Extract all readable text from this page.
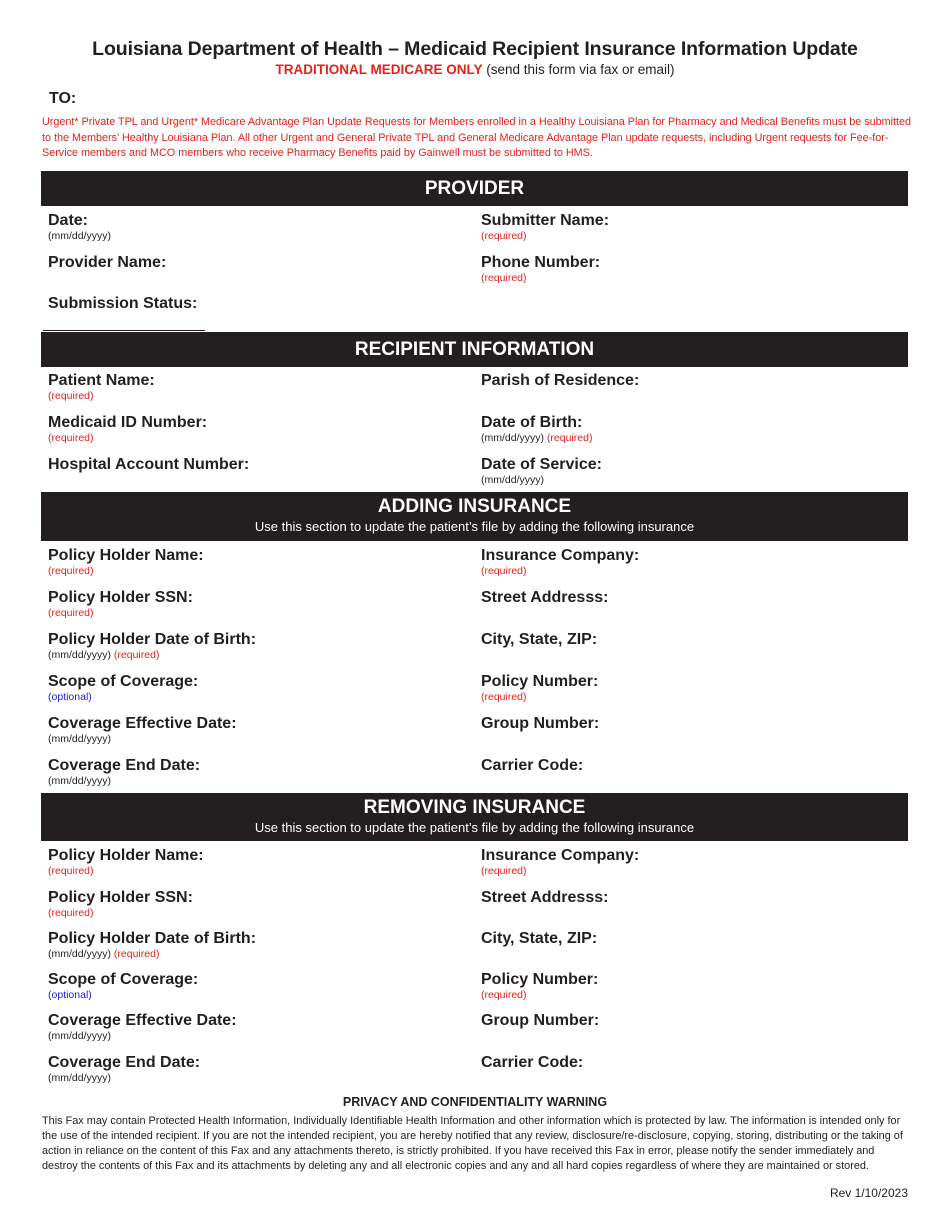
Louisiana Department of Health – Medicaid Recipient Insurance Information Update
TRADITIONAL MEDICARE ONLY (send this form via fax or email)
TO:
Urgent* Private TPL and Urgent* Medicare Advantage Plan Update Requests for Members enrolled in a Healthy Louisiana Plan for Pharmacy and Medical Benefits must be submitted to the Members’ Healthy Louisiana Plan. All other Urgent and General Private TPL and General Medicare Advantage Plan update requests, including Urgent requests for Fee-for-Service members and MCO members who receive Pharmacy Benefits paid by Gainwell must be submitted to HMS.
PROVIDER
Date:
(mm/dd/yyyy)
Submitter Name:
(required)
Provider Name:	Phone Number:
(required)
Submission Status:
RECIPIENT INFORMATION
Patient Name:
(required)
Parish of Residence:
Medicaid ID Number:
(required)
Date of Birth:
(mm/dd/yyyy) (required)
Hospital Account Number:	Date of Service:
(mm/dd/yyyy)
ADDING INSURANCE
Use this section to update the patient’s file by adding the following insurance
Policy Holder Name:
(required)
Insurance Company:
(required)
Policy Holder SSN:
(required)
Street Addresss:
Policy Holder Date of Birth:
(mm/dd/yyyy) (required)
City, State, ZIP:
Scope of Coverage:
(optional)
Policy Number:
(required)
Coverage Effective Date:
(mm/dd/yyyy)
Group Number:
Coverage End Date:
(mm/dd/yyyy)
Carrier Code:
REMOVING INSURANCE
Use this section to update the patient’s file by adding the following insurance
Policy Holder Name:
(required)
Insurance Company:
(required)
Policy Holder SSN:
(required)
Street Addresss:
Policy Holder Date of Birth:
(mm/dd/yyyy) (required)
City, State, ZIP:
Scope of Coverage:
(optional)
Policy Number:
(required)
Coverage Effective Date:
(mm/dd/yyyy)
Group Number:
Coverage End Date:
(mm/dd/yyyy)
Carrier Code:
PRIVACY AND CONFIDENTIALITY WARNING
This Fax may contain Protected Health Information, Individually Identifiable Health Information and other information which is protected by law. The information is intended only for the use of the intended recipient. If you are not the intended recipient, you are hereby notified that any review, disclosure/re-disclosure, copying, storing, distributing or the taking of action in reliance on the content of this Fax and any attachments thereto, is strictly prohibited. If you have received this Fax in error, please notify the sender immediately and destroy the contents of this Fax and its attachments by deleting any and all electronic copies and any and all hard copies regardless of where they are maintained or stored.
Rev 1/10/2023
